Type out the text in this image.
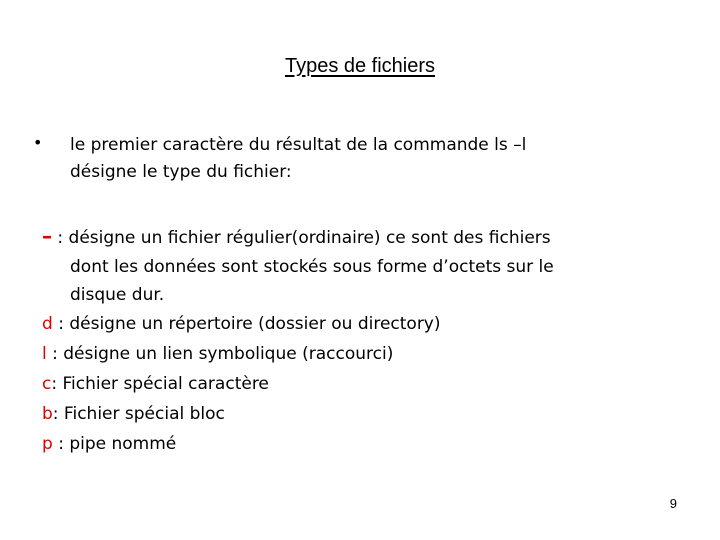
Types de fichiers
•	le premier caractère du résultat de la commande ls –l
désigne le type du fichier:
– : désigne un fichier régulier(ordinaire) ce sont des fichiers
dont les données sont stockés sous forme d’octets sur le
disque dur.
d : désigne un répertoire (dossier ou directory)
l : désigne un lien symbolique (raccourci)
c: Fichier spécial caractère
b: Fichier spécial bloc
p : pipe nommé
9
